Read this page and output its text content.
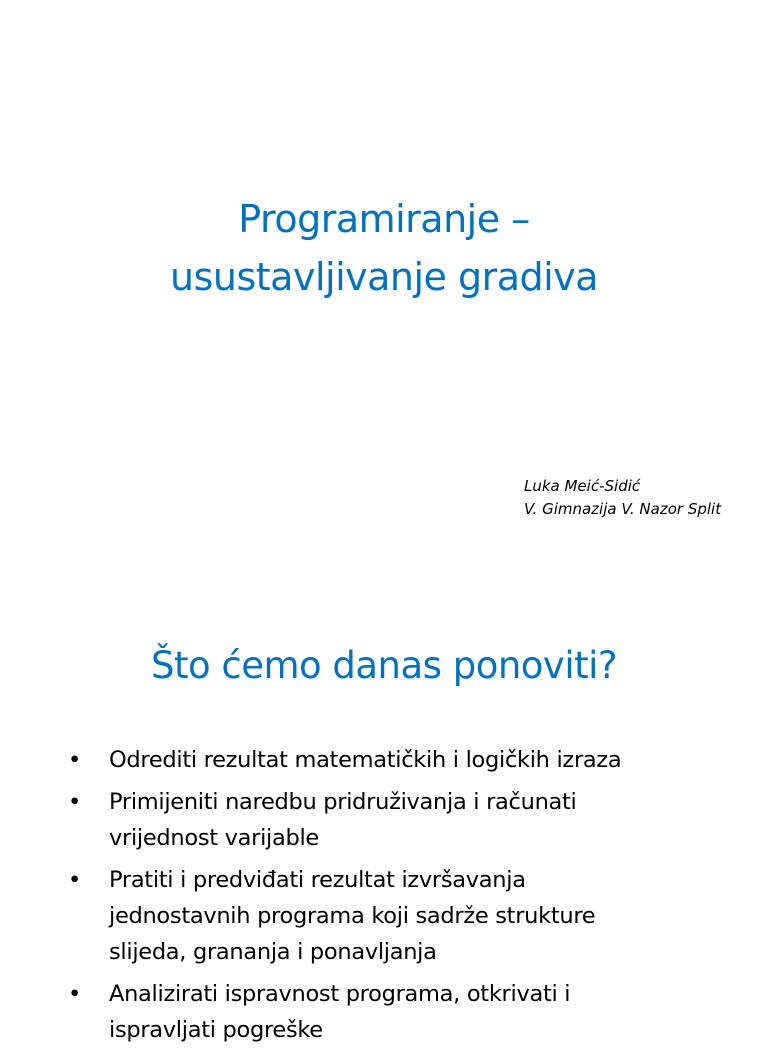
Programiranje –
usustavljivanje gradiva
Luka Meić-Sidić
V. Gimnazija V. Nazor Split
Što ćemo danas ponoviti?
•	Odrediti rezultat matematičkih i logičkih izraza
•	Primijeniti naredbu pridruživanja i računati
vrijednost varijable
•	Pratiti i predviđati rezultat izvršavanja
jednostavnih programa koji sadrže strukture
slijeda, grananja i ponavljanja
•	Analizirati ispravnost programa, otkrivati i
ispravljati pogreške
